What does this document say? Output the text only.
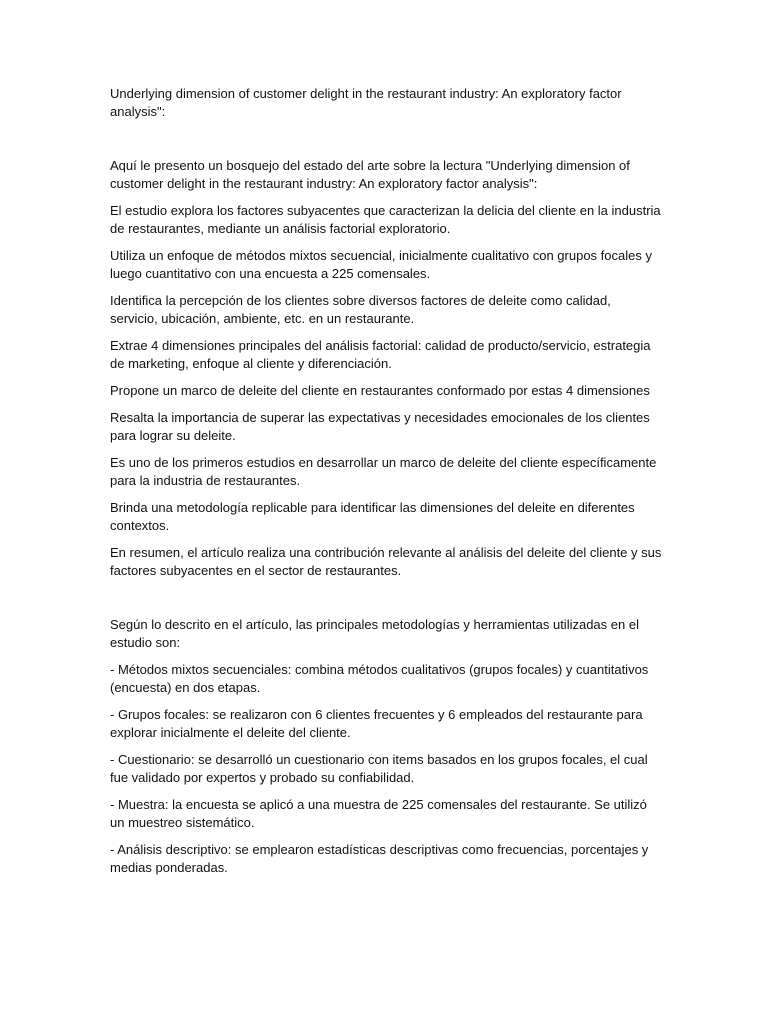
Underlying dimension of customer delight in the restaurant industry: An exploratory factor analysis":

Aquí le presento un bosquejo del estado del arte sobre la lectura "Underlying dimension of customer delight in the restaurant industry: An exploratory factor analysis":

El estudio explora los factores subyacentes que caracterizan la delicia del cliente en la industria de restaurantes, mediante un análisis factorial exploratorio.

Utiliza un enfoque de métodos mixtos secuencial, inicialmente cualitativo con grupos focales y luego cuantitativo con una encuesta a 225 comensales.

Identifica la percepción de los clientes sobre diversos factores de deleite como calidad, servicio, ubicación, ambiente, etc. en un restaurante.

Extrae 4 dimensiones principales del análisis factorial: calidad de producto/servicio, estrategia de marketing, enfoque al cliente y diferenciación.

Propone un marco de deleite del cliente en restaurantes conformado por estas 4 dimensiones

Resalta la importancia de superar las expectativas y necesidades emocionales de los clientes para lograr su deleite.

Es uno de los primeros estudios en desarrollar un marco de deleite del cliente específicamente para la industria de restaurantes.

Brinda una metodología replicable para identificar las dimensiones del deleite en diferentes contextos.

En resumen, el artículo realiza una contribución relevante al análisis del deleite del cliente y sus factores subyacentes en el sector de restaurantes.

Según lo descrito en el artículo, las principales metodologías y herramientas utilizadas en el estudio son:

- Métodos mixtos secuenciales: combina métodos cualitativos (grupos focales) y cuantitativos (encuesta) en dos etapas.

- Grupos focales: se realizaron con 6 clientes frecuentes y 6 empleados del restaurante para explorar inicialmente el deleite del cliente.

- Cuestionario: se desarrolló un cuestionario con items basados en los grupos focales, el cual fue validado por expertos y probado su confiabilidad.

- Muestra: la encuesta se aplicó a una muestra de 225 comensales del restaurante. Se utilizó un muestreo sistemático.

- Análisis descriptivo: se emplearon estadísticas descriptivas como frecuencias, porcentajes y medias ponderadas.
